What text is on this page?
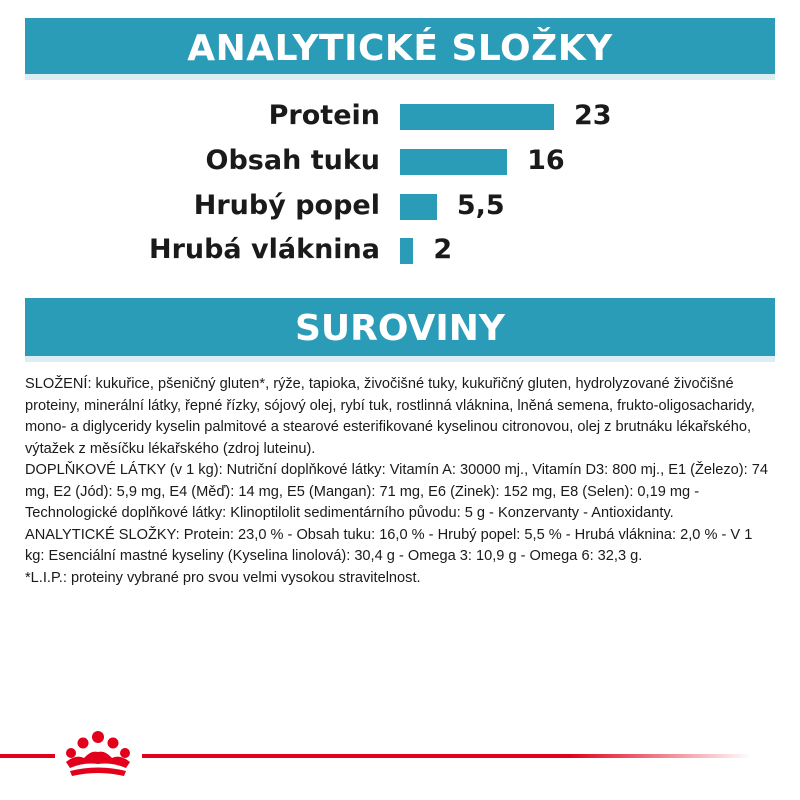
ANALYTICKÉ SLOŽKY
Protein	23
Obsah tuku	16
Hrubý popel	5,5
Hrubá vláknina 2
SUROVINY

SLOŽENÍ: kukuřice, pšeničný gluten*, rýže, tapioka, živočišné tuky, kukuřičný gluten, hydrolyzované živočišné proteiny, minerální látky, řepné řízky, sójový olej, rybí tuk, rostlinná vláknina, lněná semena, frukto-oligosacharidy, mono- a diglyceridy kyselin palmitové a stearové esterifikované kyselinou citronovou, olej z brutnáku lékařského, výtažek z měsíčku lékařského (zdroj luteinu).

DOPLŇKOVÉ LÁTKY (v 1 kg): Nutriční doplňkové látky: Vitamín A: 30000 mj., Vitamín D3: 800 mj., E1 (Železo): 74 mg, E2 (Jód): 5,9 mg, E4 (Měď): 14 mg, E5 (Mangan): 71 mg, E6 (Zinek): 152 mg, E8 (Selen): 0,19 mg - Technologické doplňkové látky: Klinoptilolit sedimentárního původu: 5 g - Konzervanty - Antioxidanty.

ANALYTICKÉ SLOŽKY: Protein: 23,0 % - Obsah tuku: 16,0 % - Hrubý popel: 5,5 % - Hrubá vláknina: 2,0 % - V 1 kg: Esenciální mastné kyseliny (Kyselina linolová): 30,4 g - Omega 3: 10,9 g - Omega 6: 32,3 g.

*L.I.P.: proteiny vybrané pro svou velmi vysokou stravitelnost.
